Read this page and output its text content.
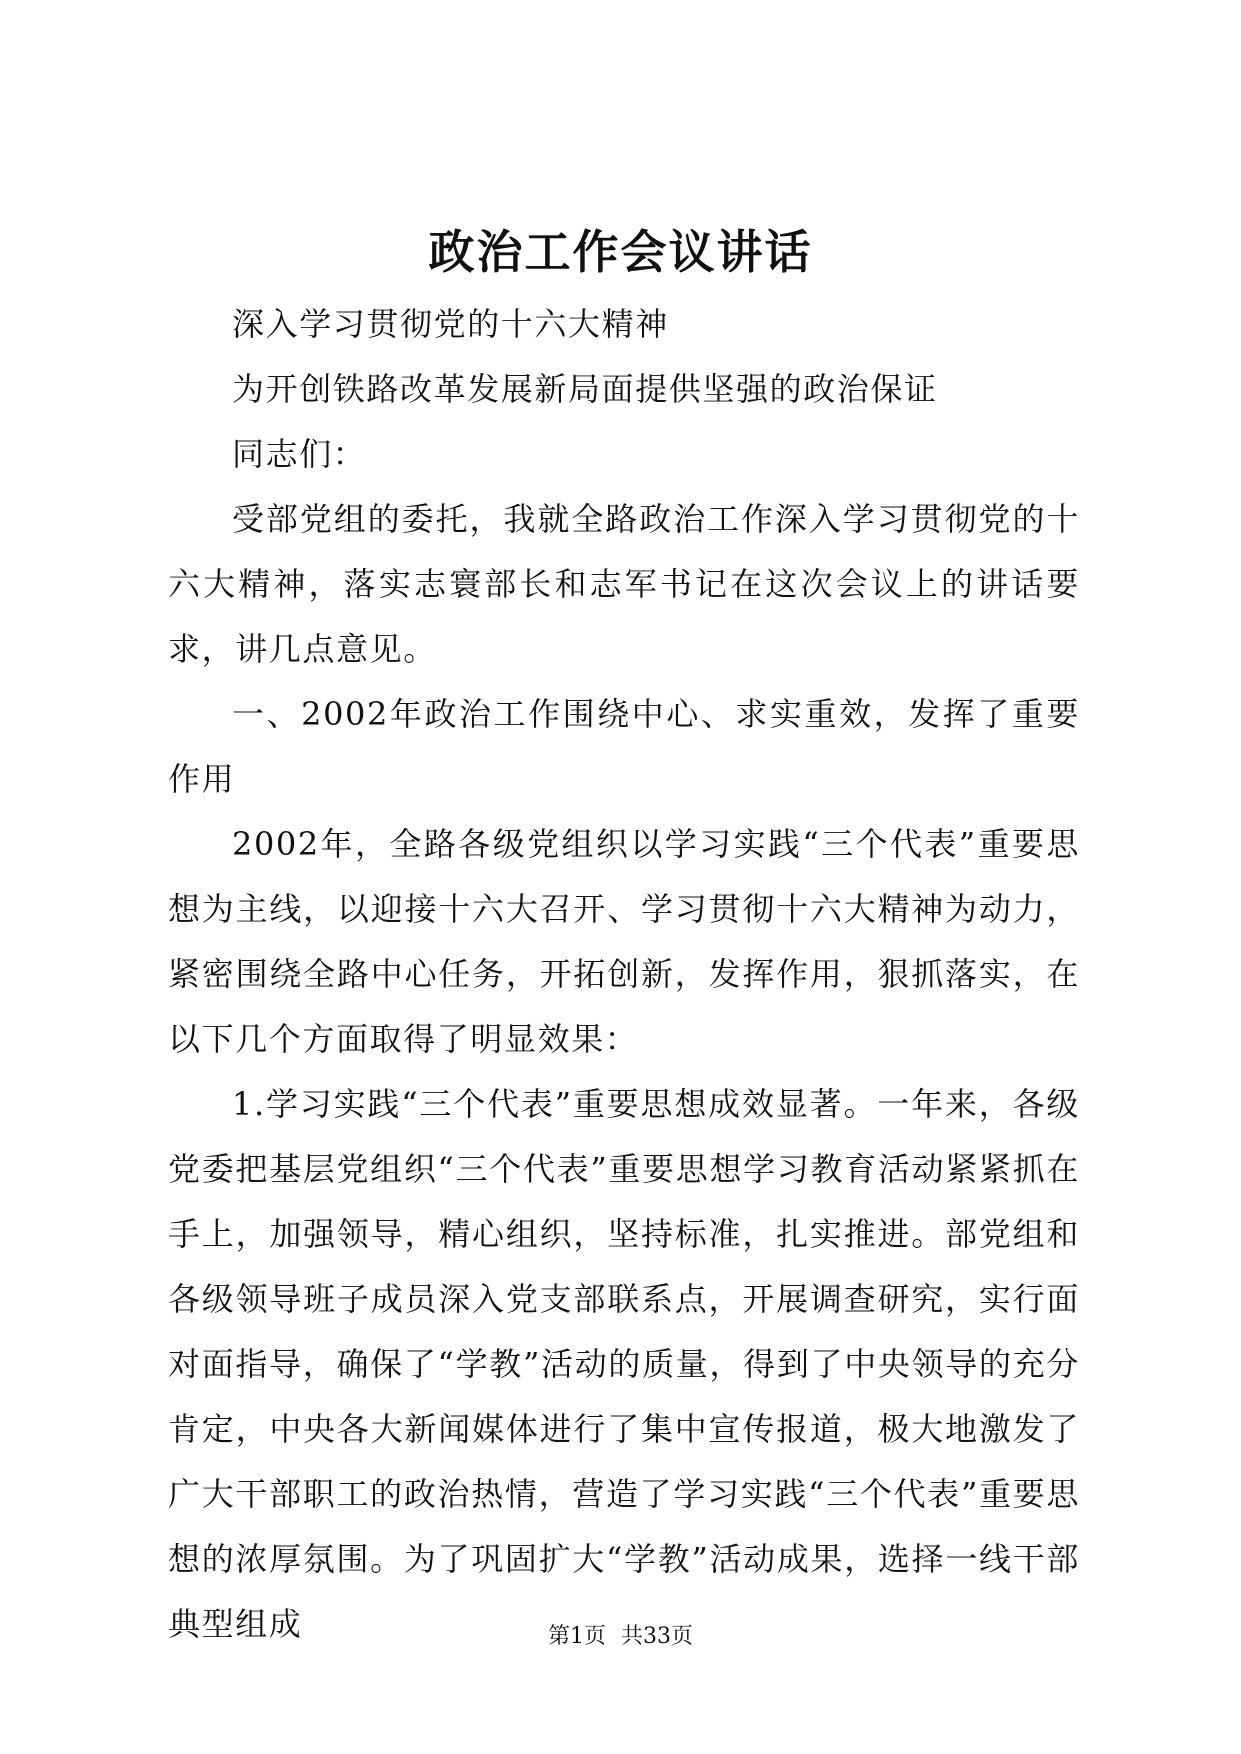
政治工作会议讲话

深入学习贯彻党的十六大精神

为开创铁路改革发展新局面提供坚强的政治保证

同志们：

受部党组的委托，我就全路政治工作深入学习贯彻党的十六大精神，落实志寰部长和志军书记在这次会议上的讲话要求，讲几点意见。

一、2002年政治工作围绕中心、求实重效，发挥了重要作用

2002年，全路各级党组织以学习实践“三个代表”重要思想为主线，以迎接十六大召开、学习贯彻十六大精神为动力，紧密围绕全路中心任务，开拓创新，发挥作用，狠抓落实，在以下几个方面取得了明显效果：

1.学习实践“三个代表”重要思想成效显著。一年来，各级党委把基层党组织“三个代表”重要思想学习教育活动紧紧抓在手上，加强领导，精心组织，坚持标准，扎实推进。部党组和各级领导班子成员深入党支部联系点，开展调查研究，实行面对面指导，确保了“学教”活动的质量，得到了中央领导的充分肯定，中央各大新闻媒体进行了集中宣传报道，极大地激发了广大干部职工的政治热情，营造了学习实践“三个代表”重要思想的浓厚氛围。为了巩固扩大“学教”活动成果，选择一线干部典型组成	第1页 共33页
